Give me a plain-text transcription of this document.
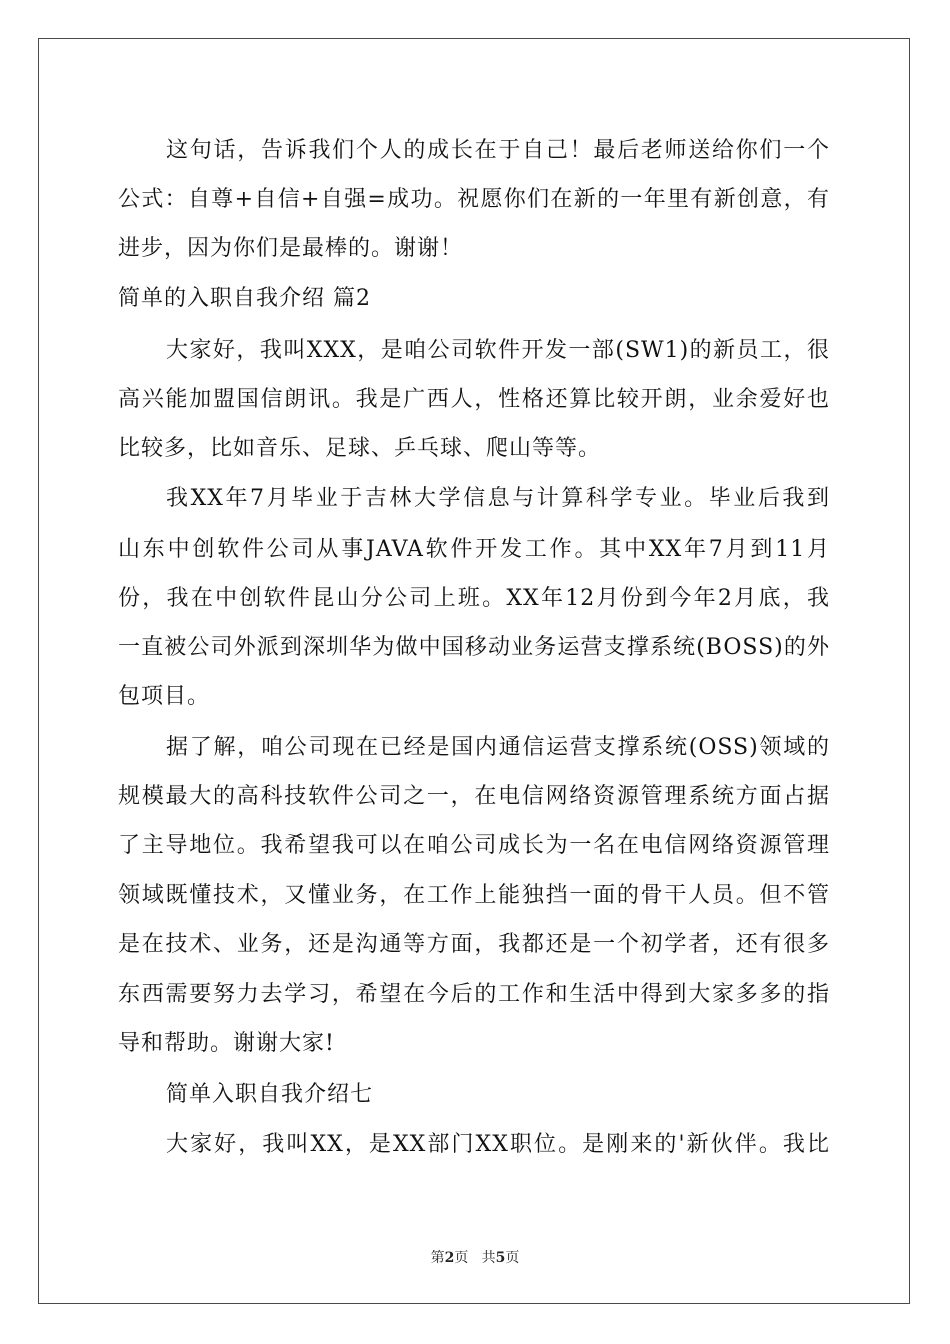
这句话，告诉我们个人的成长在于自己！最后老师送给你们一个
公式：自尊+自信+自强=成功。祝愿你们在新的一年里有新创意，有
进步，因为你们是最棒的。谢谢！
简单的入职自我介绍 篇2
大家好，我叫XXX，是咱公司软件开发一部(SW1)的新员工，很
高兴能加盟国信朗讯。我是广西人，性格还算比较开朗，业余爱好也
比较多，比如音乐、足球、乒乓球、爬山等等。
我XX年7月毕业于吉林大学信息与计算科学专业。毕业后我到
山东中创软件公司从事JAVA软件开发工作。其中XX年7月到11月
份，我在中创软件昆山分公司上班。XX年12月份到今年2月底，我
一直被公司外派到深圳华为做中国移动业务运营支撑系统(BOSS)的外
包项目。
据了解，咱公司现在已经是国内通信运营支撑系统(OSS)领域的
规模最大的高科技软件公司之一，在电信网络资源管理系统方面占据
了主导地位。我希望我可以在咱公司成长为一名在电信网络资源管理
领域既懂技术，又懂业务，在工作上能独挡一面的骨干人员。但不管
是在技术、业务，还是沟通等方面，我都还是一个初学者，还有很多
东西需要努力去学习，希望在今后的工作和生活中得到大家多多的指
导和帮助。谢谢大家!
简单入职自我介绍七
大家好，我叫XX，是XX部门XX职位。是刚来的'新伙伴。我比
第2页   共5页
